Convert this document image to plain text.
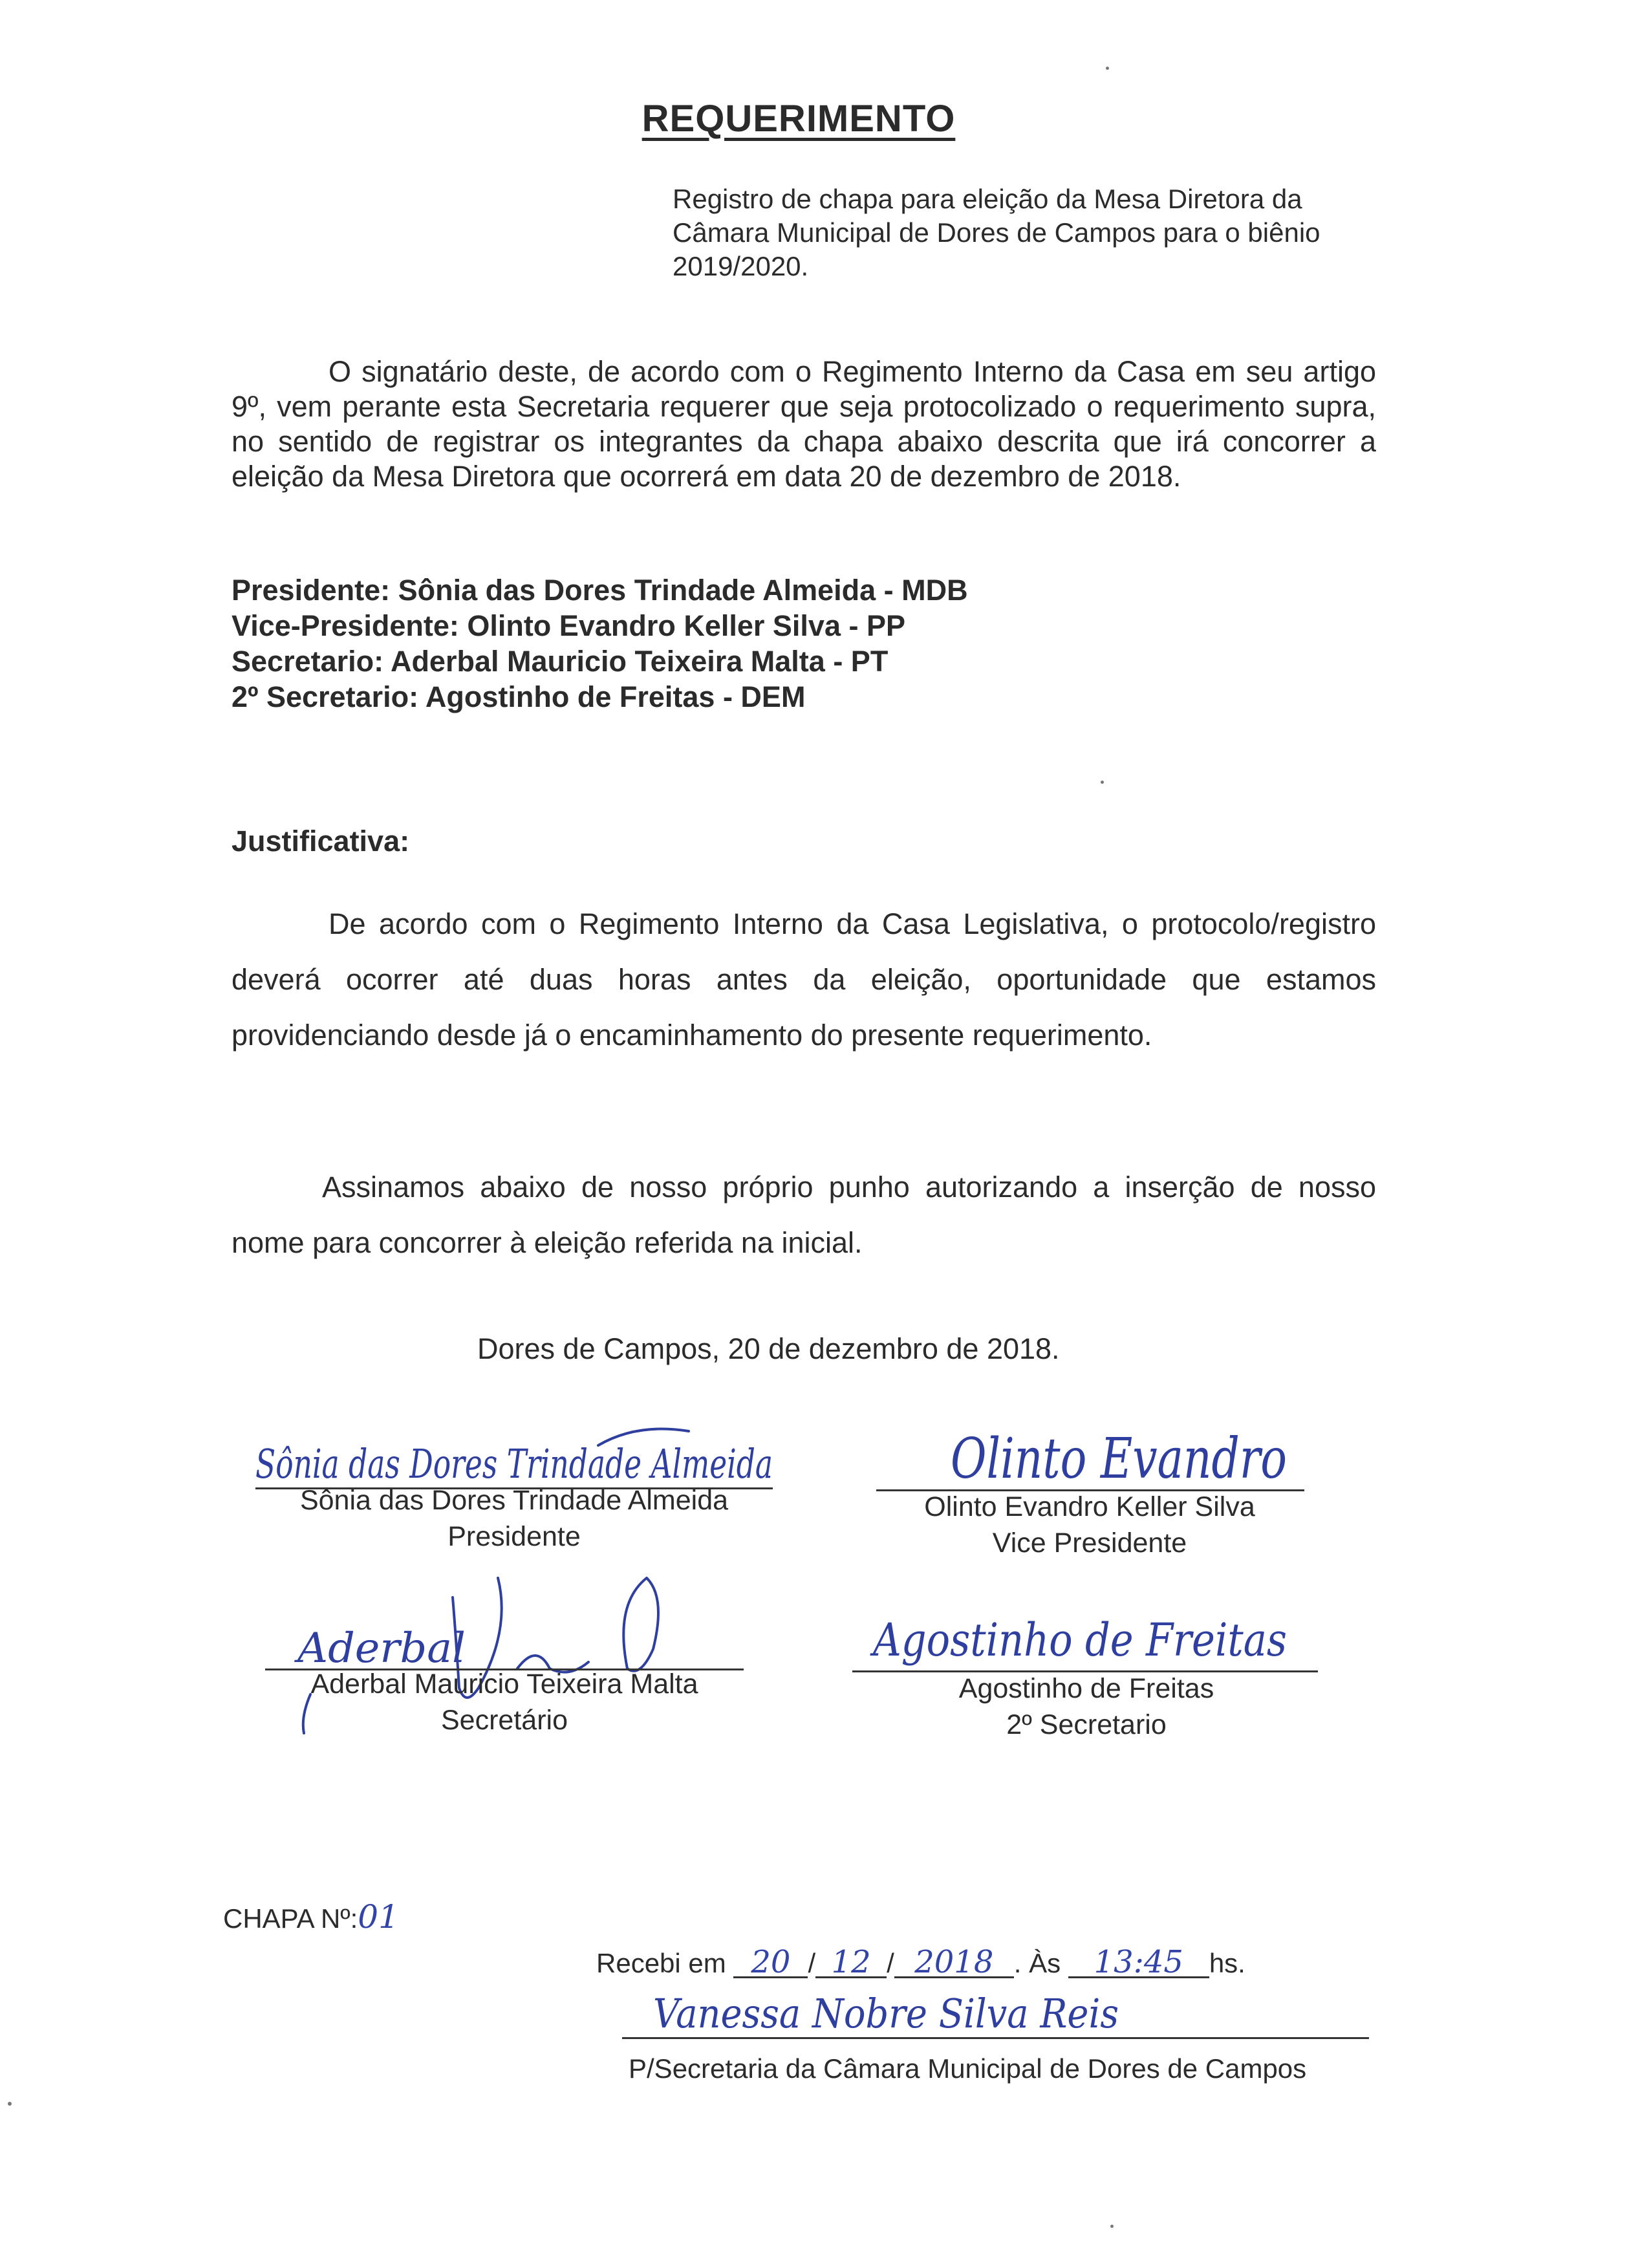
REQUERIMENTO
Registro de chapa para eleição da Mesa Diretora da Câmara Municipal de Dores de Campos para o biênio 2019/2020.
O signatário deste, de acordo com o Regimento Interno da Casa em seu artigo 9º, vem perante esta Secretaria requerer que seja protocolizado o requerimento supra, no sentido de registrar os integrantes da chapa abaixo descrita que irá concorrer a eleição da Mesa Diretora que ocorrerá em data 20 de dezembro de 2018.
Presidente: Sônia das Dores Trindade Almeida - MDB
Vice-Presidente: Olinto Evandro Keller Silva - PP
Secretario: Aderbal Mauricio Teixeira Malta - PT
2º Secretario: Agostinho de Freitas - DEM
Justificativa:
De acordo com o Regimento Interno da Casa Legislativa, o protocolo/registro deverá ocorrer até duas horas antes da eleição, oportunidade que estamos providenciando desde já o encaminhamento do presente requerimento.
Assinamos abaixo de nosso próprio punho autorizando a inserção de nosso nome para concorrer à eleição referida na inicial.
Dores de Campos, 20 de dezembro de 2018.
Sônia das Dores Trindade Almeida
Sônia das Dores Trindade Almeida
Presidente
Olinto Evandro
Olinto Evandro Keller Silva
Vice Presidente
Aderbal
Aderbal Mauricio Teixeira Malta
Secretário
Agostinho de Freitas
Agostinho de Freitas
2º Secretario
CHAPA Nº:01
Recebi em 20 / 12 / 2018 . Às 13:45 hs.
Vanessa Nobre Silva Reis
P/Secretaria da Câmara Municipal de Dores de Campos
